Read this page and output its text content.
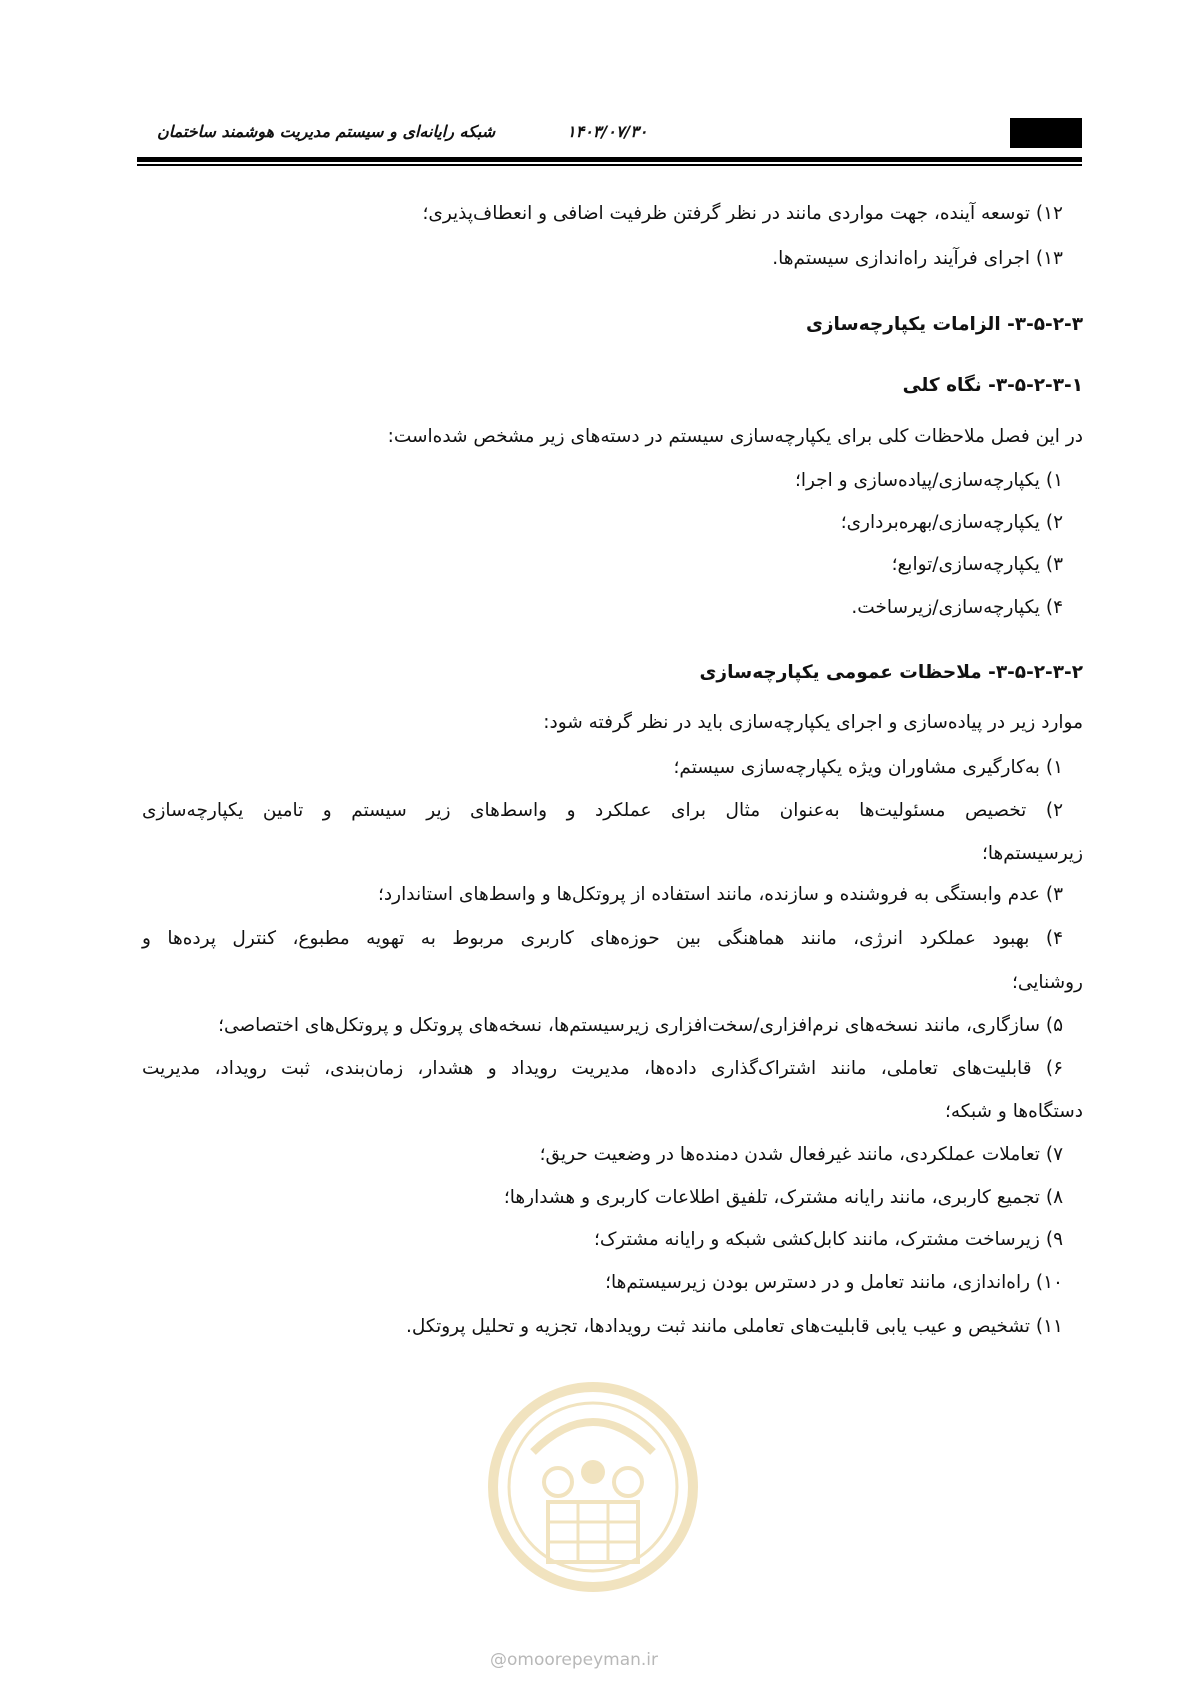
شبکه رایانه‌ای و سیستم مدیریت هوشمند ساختمان	۱۴۰۳/۰۷/۳۰
۱۲) توسعه آینده، جهت مواردی مانند در نظر گرفتن ظرفیت اضافی و انعطاف‌پذیری؛
۱۳) اجرای فرآیند راه‌اندازی سیستم‌ها.
۳-۵-۲-۳- الزامات یکپارچه‌سازی
۳-۵-۲-۳-۱- نگاه کلی
در این فصل ملاحظات کلی برای یکپارچه‌سازی سیستم در دسته‌های زیر مشخص شده‌است:
۱) یکپارچه‌سازی/پیاده‌سازی و اجرا؛
۲) یکپارچه‌سازی/بهره‌برداری؛
۳) یکپارچه‌سازی/توابع؛
۴) یکپارچه‌سازی/زیرساخت.
۳-۵-۲-۳-۲- ملاحظات عمومی یکپارچه‌سازی
موارد زیر در پیاده‌سازی و اجرای یکپارچه‌سازی باید در نظر گرفته شود:
۱) به‌کارگیری مشاوران ویژه یکپارچه‌سازی سیستم؛
۲) تخصیص مسئولیت‌ها به‌عنوان مثال برای عملکرد و واسط‌های زیر سیستم و تامین یکپارچه‌سازی
زیرسیستم‌ها؛
۳) عدم وابستگی به فروشنده و سازنده، مانند استفاده از پروتکل‌ها و واسط‌های استاندارد؛
۴) بهبود عملکرد انرژی، مانند هماهنگی بین حوزه‌های کاربری مربوط به تهویه مطبوع، کنترل پرده‌ها و
روشنایی؛
۵) سازگاری، مانند نسخه‌های نرم‌افزاری/سخت‌افزاری زیرسیستم‌ها، نسخه‌های پروتکل و پروتکل‌های اختصاصی؛
۶) قابلیت‌های تعاملی، مانند اشتراک‌گذاری داده‌ها، مدیریت رویداد و هشدار، زمان‌بندی، ثبت رویداد، مدیریت
دستگاه‌ها و شبکه؛
۷) تعاملات عملکردی، مانند غیرفعال شدن دمنده‌ها در وضعیت حریق؛
۸) تجمیع کاربری، مانند رایانه مشترک، تلفیق اطلاعات کاربری و هشدارها؛
۹) زیرساخت مشترک، مانند کابل‌کشی شبکه و رایانه مشترک؛
۱۰) راه‌اندازی، مانند تعامل و در دسترس بودن زیرسیستم‌ها؛
۱۱) تشخیص و عیب یابی قابلیت‌های تعاملی مانند ثبت رویدادها، تجزیه و تحلیل پروتکل.
@omoorepeyman.ir
